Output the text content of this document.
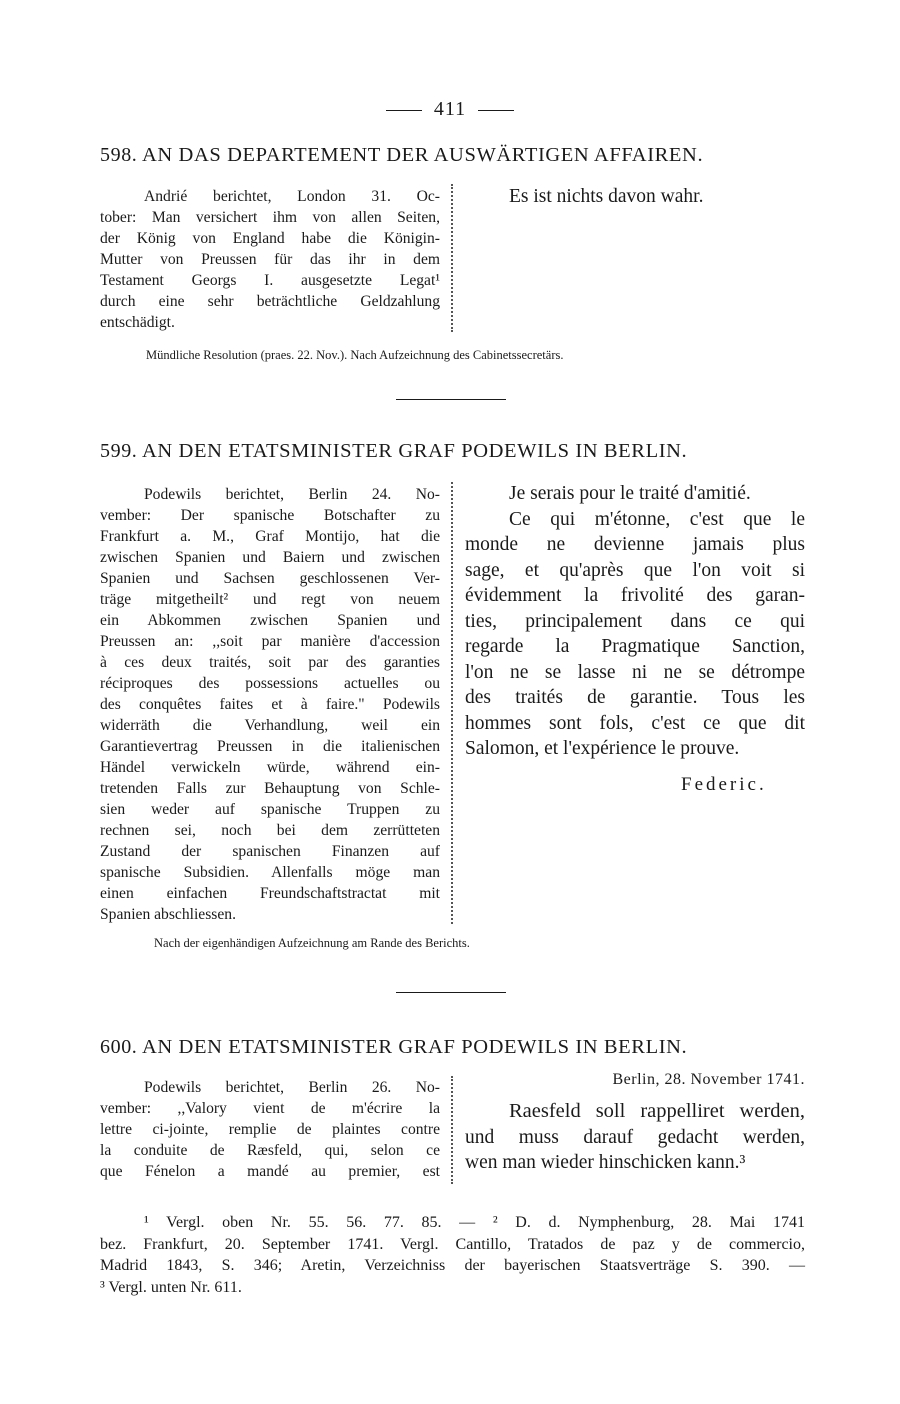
411
598. AN DAS DEPARTEMENT DER AUSWÄRTIGEN AFFAIREN.
Andrié berichtet, London 31. Oc-
tober: Man versichert ihm von allen Seiten,
der König von England habe die Königin-
Mutter von Preussen für das ihr in dem
Testament Georgs I. ausgesetzte Legat¹
durch eine sehr beträchtliche Geldzahlung
entschädigt.
Es ist nichts davon wahr.
Mündliche Resolution (praes. 22. Nov.). Nach Aufzeichnung des Cabinetssecretärs.
599. AN DEN ETATSMINISTER GRAF PODEWILS IN BERLIN.
Podewils berichtet, Berlin 24. No-
vember: Der spanische Botschafter zu
Frankfurt a. M., Graf Montijo, hat die
zwischen Spanien und Baiern und zwischen
Spanien und Sachsen geschlossenen Ver-
träge mitgetheilt² und regt von neuem
ein Abkommen zwischen Spanien und
Preussen an: ,,soit par manière d'accession
à ces deux traités, soit par des garanties
réciproques des possessions actuelles ou
des conquêtes faites et à faire." Podewils
widerräth die Verhandlung, weil ein
Garantievertrag Preussen in die italienischen
Händel verwickeln würde, während ein-
tretenden Falls zur Behauptung von Schle-
sien weder auf spanische Truppen zu
rechnen sei, noch bei dem zerrütteten
Zustand der spanischen Finanzen auf
spanische Subsidien. Allenfalls möge man
einen einfachen Freundschaftstractat mit
Spanien abschliessen.
Je serais pour le traité d'amitié.
Ce qui m'étonne, c'est que le
monde ne devienne jamais plus
sage, et qu'après que l'on voit si
évidemment la frivolité des garan-
ties, principalement dans ce qui
regarde la Pragmatique Sanction,
l'on ne se lasse ni ne se détrompe
des traités de garantie. Tous les
hommes sont fols, c'est ce que dit
Salomon, et l'expérience le prouve.
Federic.
Nach der eigenhändigen Aufzeichnung am Rande des Berichts.
600. AN DEN ETATSMINISTER GRAF PODEWILS IN BERLIN.
Podewils berichtet, Berlin 26. No-
vember: ,,Valory vient de m'écrire la
lettre ci-jointe, remplie de plaintes contre
la conduite de Ræsfeld, qui, selon ce
que Fénelon a mandé au premier, est
Berlin, 28. November 1741.
Raesfeld soll rappelliret werden,
und muss darauf gedacht werden,
wen man wieder hinschicken kann.³
¹ Vergl. oben Nr. 55. 56. 77. 85. — ² D. d. Nymphenburg, 28. Mai 1741
bez. Frankfurt, 20. September 1741. Vergl. Cantillo, Tratados de paz y de commercio,
Madrid 1843, S. 346; Aretin, Verzeichniss der bayerischen Staatsverträge S. 390. —
³ Vergl. unten Nr. 611.
